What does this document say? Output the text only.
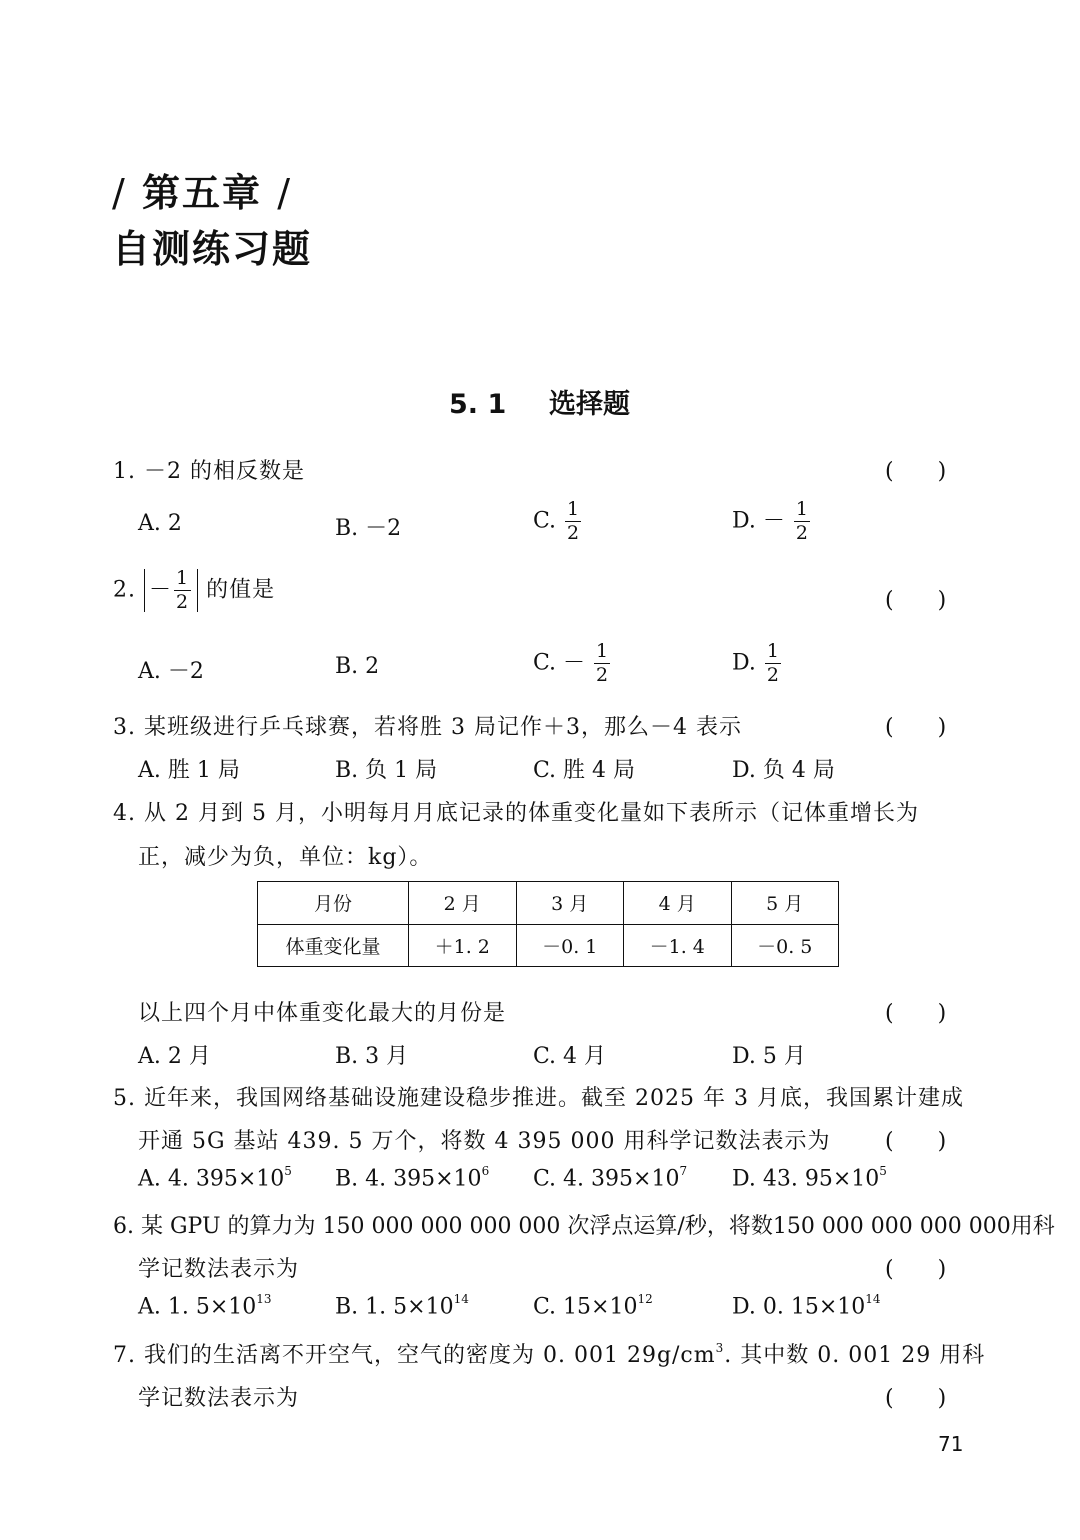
/ 第五章 /
自测练习题
5. 1 选择题
1. －2 的相反数是	(　　)
A. 2	B. －2	C. $\frac{1}{2}$	D. － $\frac{1}{2}$
2. － $\frac{1}{2}$ 的值是	(　　)
A. －2	B. 2	C. － $\frac{1}{2}$	D. $\frac{1}{2}$
3. 某班级进行乒乓球赛，若将胜 3 局记作＋3，那么－4 表示	(　　)
A. 胜 1 局	B. 负 1 局	C. 胜 4 局	D. 负 4 局
4. 从 2 月到 5 月，小明每月月底记录的体重变化量如下表所示（记体重增长为
正，减少为负，单位：kg）。
月份	2 月	3 月	4 月	5 月
体重变化量	＋1. 2	－0. 1	－1. 4	－0. 5
以上四个月中体重变化最大的月份是	(　　)
A. 2 月	B. 3 月	C. 4 月	D. 5 月
5. 近年来，我国网络基础设施建设稳步推进。截至 2025 年 3 月底，我国累计建成
开通 5G 基站 439. 5 万个，将数 4 395 000 用科学记数法表示为 (　　)
A. 4. $395\times 10^5$ B. 4. $395\times 10^6$ C. 4. $395\times 10^7$ D. 43. $95\times 10^5$
6. 某 GPU 的算力为 150 000 000 000 000 次浮点运算/秒，将数150 000 000 000 000用科
学记数法表示为	(　　)
A. 1. $5\times 10^{13}$	B. 1. $5\times 10^{14}$	C. $15\times 10^{12}$	D. 0. $15\times 10^{14}$
7. 我们的生活离不开空气，空气的密度为 0. 001 $29g/cm^3$. 其中数 0. 001 29 用科
学记数法表示为	(　　)
71
